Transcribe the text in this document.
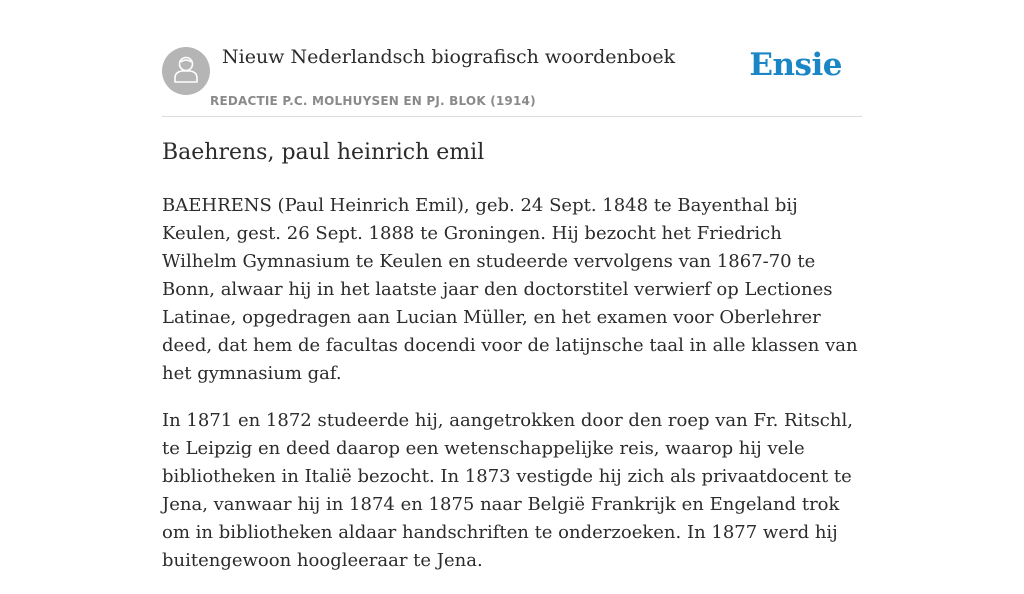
Nieuw Nederlandsch biografisch woordenboek
REDACTIE P.C. MOLHUYSEN EN PJ. BLOK (1914)
Ensie
Baehrens, paul heinrich emil

BAEHRENS (Paul Heinrich Emil), geb. 24 Sept. 1848 te Bayenthal bij Keulen, gest. 26 Sept. 1888 te Groningen. Hij bezocht het Friedrich Wilhelm Gymnasium te Keulen en studeerde vervolgens van 1867-70 te Bonn, alwaar hij in het laatste jaar den doctorstitel verwierf op Lectiones Latinae, opgedragen aan Lucian Müller, en het examen voor Oberlehrer deed, dat hem de facultas docendi voor de latijnsche taal in alle klassen van het gymnasium gaf.

In 1871 en 1872 studeerde hij, aangetrokken door den roep van Fr. Ritschl, te Leipzig en deed daarop een wetenschappelijke reis, waarop hij vele bibliotheken in Italië bezocht. In 1873 vestigde hij zich als privaatdocent te Jena, vanwaar hij in 1874 en 1875 naar België Frankrijk en Engeland trok om in bibliotheken aldaar handschriften te onderzoeken. In 1877 werd hij buitengewoon hoogleeraar te Jena.
